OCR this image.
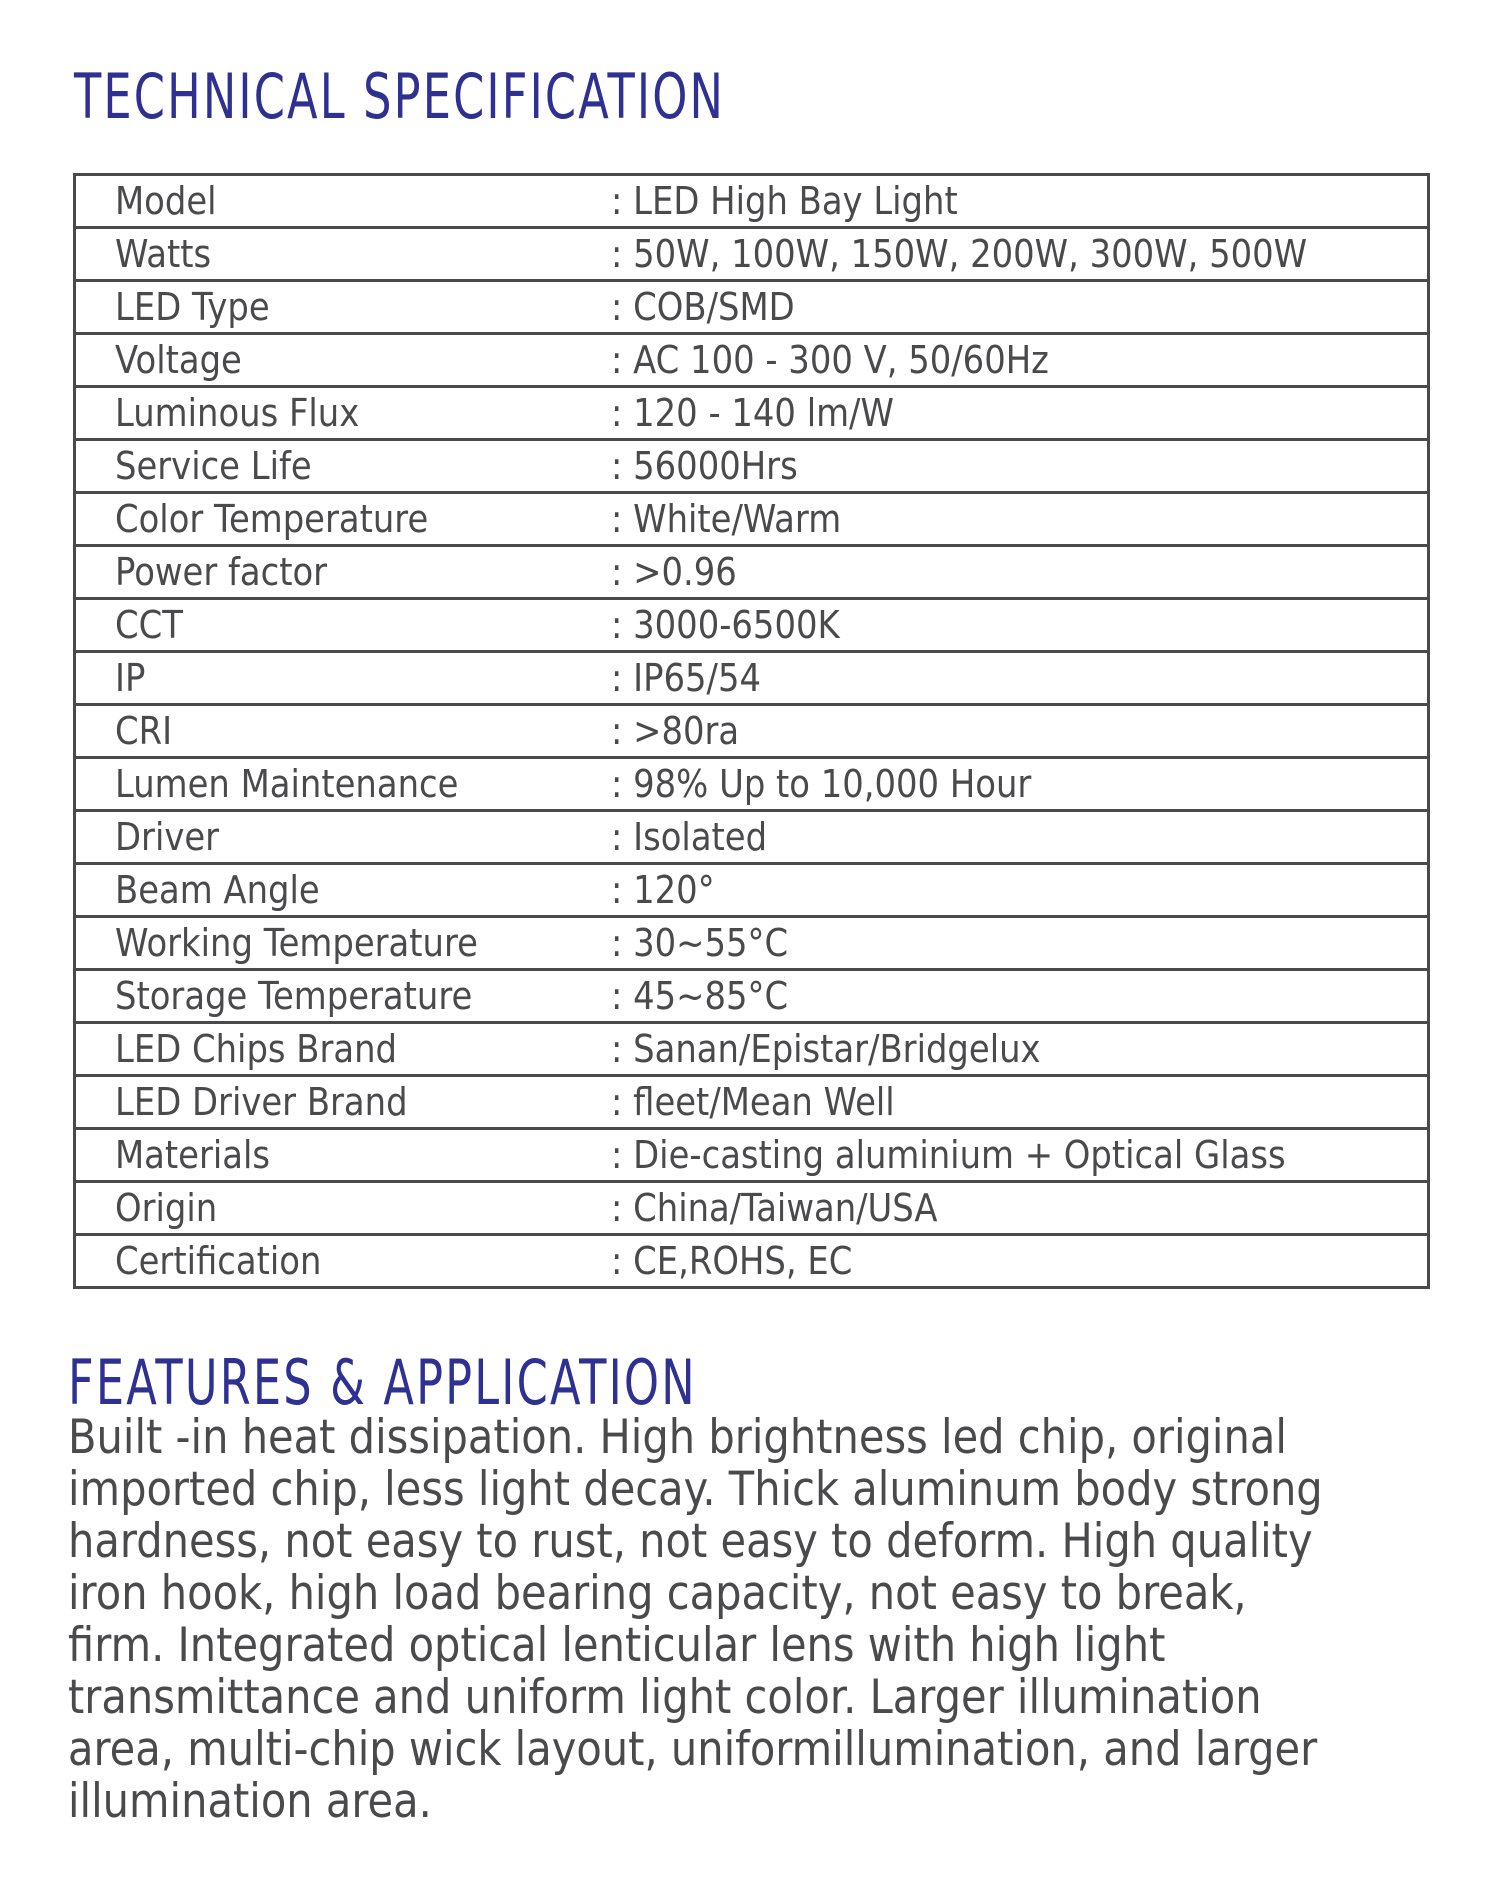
TECHNICAL SPECIFICATION
Model	: LED High Bay Light
Watts	: 50W, 100W, 150W, 200W, 300W, 500W
LED Type	: COB/SMD
Voltage	: AC 100 - 300 V, 50/60Hz
Luminous Flux	: 120 - 140 lm/W
Service Life	: 56000Hrs
Color Temperature	: White/Warm
Power factor	: >0.96
CCT	: 3000-6500K
IP	: IP65/54
CRI	: >80ra
Lumen Maintenance	: 98% Up to 10,000 Hour
Driver	: Isolated
Beam Angle	: 120°
Working Temperature	: 30~55°C
Storage Temperature	: 45~85°C
LED Chips Brand	: Sanan/Epistar/Bridgelux
LED Driver Brand	: fleet/Mean Well
Materials	: Die-casting aluminium + Optical Glass
Origin	: China/Taiwan/USA
Certification	: CE,ROHS, EC
FEATURES & APPLICATION
Built -in heat dissipation. High brightness led chip, original
imported chip, less light decay. Thick aluminum body strong
hardness, not easy to rust, not easy to deform. High quality
iron hook, high load bearing capacity, not easy to break,
firm. Integrated optical lenticular lens with high light
transmittance and uniform light color. Larger illumination
area, multi-chip wick layout, uniformillumination, and larger
illumination area.
